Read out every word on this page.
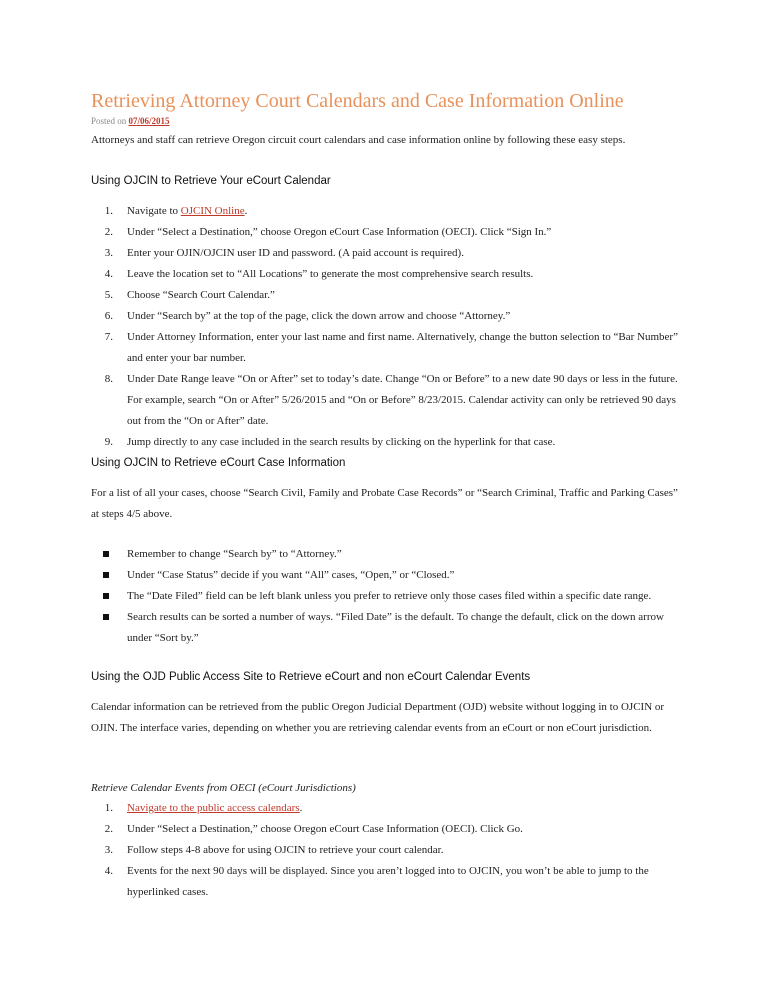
Retrieving Attorney Court Calendars and Case Information Online
Posted on 07/06/2015
Attorneys and staff can retrieve Oregon circuit court calendars and case information online by following these easy steps.
Using OJCIN to Retrieve Your eCourt Calendar
1. Navigate to OJCIN Online.
2. Under “Select a Destination,” choose Oregon eCourt Case Information (OECI). Click “Sign In.”
3. Enter your OJIN/OJCIN user ID and password. (A paid account is required).
4. Leave the location set to “All Locations” to generate the most comprehensive search results.
5. Choose “Search Court Calendar.”
6. Under “Search by” at the top of the page, click the down arrow and choose “Attorney.”
7. Under Attorney Information, enter your last name and first name. Alternatively, change the button selection to “Bar Number” and enter your bar number.
8. Under Date Range leave “On or After” set to today’s date. Change “On or Before” to a new date 90 days or less in the future. For example, search “On or After” 5/26/2015 and “On or Before” 8/23/2015. Calendar activity can only be retrieved 90 days out from the “On or After” date.
9. Jump directly to any case included in the search results by clicking on the hyperlink for that case.
Using OJCIN to Retrieve eCourt Case Information
For a list of all your cases, choose “Search Civil, Family and Probate Case Records” or “Search Criminal, Traffic and Parking Cases” at steps 4/5 above.
Remember to change “Search by” to “Attorney.”
Under “Case Status” decide if you want “All” cases, “Open,” or “Closed.”
The “Date Filed” field can be left blank unless you prefer to retrieve only those cases filed within a specific date range.
Search results can be sorted a number of ways. “Filed Date” is the default. To change the default, click on the down arrow under “Sort by.”
Using the OJD Public Access Site to Retrieve eCourt and non eCourt Calendar Events
Calendar information can be retrieved from the public Oregon Judicial Department (OJD) website without logging in to OJCIN or OJIN. The interface varies, depending on whether you are retrieving calendar events from an eCourt or non eCourt jurisdiction.
Retrieve Calendar Events from OECI (eCourt Jurisdictions)
1. Navigate to the public access calendars.
2. Under “Select a Destination,” choose Oregon eCourt Case Information (OECI). Click Go.
3. Follow steps 4-8 above for using OJCIN to retrieve your court calendar.
4. Events for the next 90 days will be displayed. Since you aren’t logged into to OJCIN, you won’t be able to jump to the hyperlinked cases.
